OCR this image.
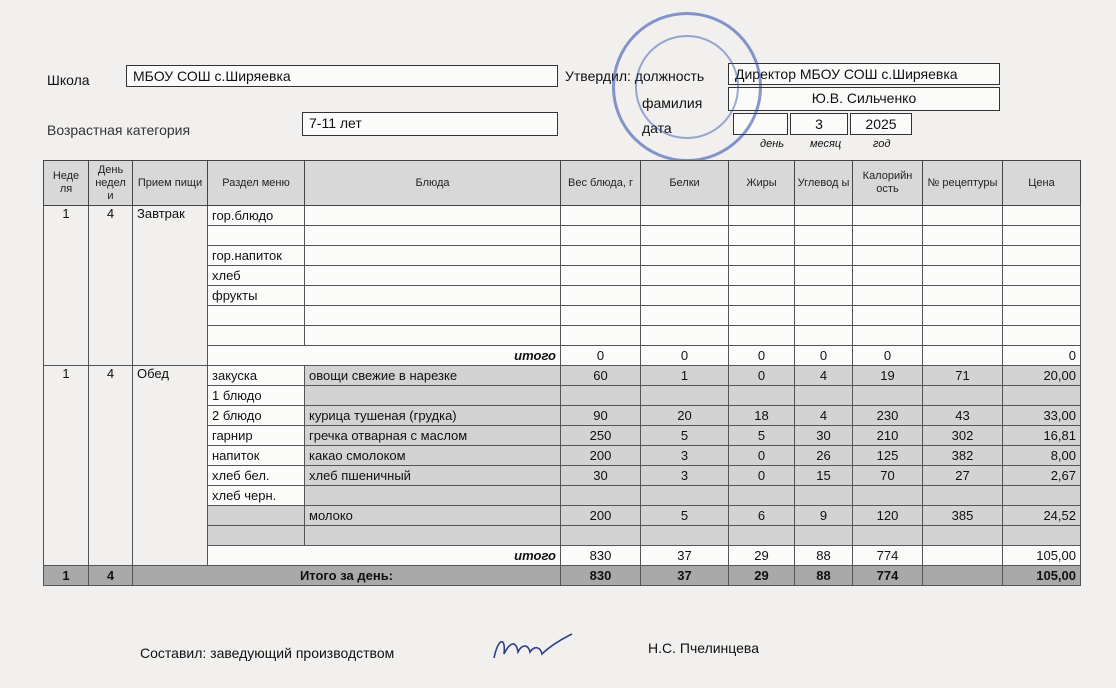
Школа	МБОУ СОШ с.Ширяевка	Утвердил: должность	Директор МБОУ СОШ с.Ширяевка
фамилия	Ю.В. Сильченко
Возрастная категория	7-11 лет	дата	3	2025
день месяц	год
Неде ля	День недел и	Прием пищи	Раздел меню	Блюда	Вес блюда, г	Белки	Жиры	Углевод ы	Калорийн ость	№ рецептуры	Цена
1	4	Завтрак	гор.блюдо								

			гор.напиток								
			хлеб								
			фрукты								

			итого		0	0	0	0	0		0
1	4	Обед	закуска	овощи свежие в нарезке	60	1	0	4	19	71	20,00
			1 блюдо								
			2 блюдо	курица тушеная (грудка)	90	20	18	4	230	43	33,00
			гарнир	гречка отварная с маслом	250	5	5	30	210	302	16,81
			напиток	какао смолоком	200	3	0	26	125	382	8,00
			хлеб бел.	хлеб пшеничный	30	3	0	15	70	27	2,67
			хлеб черн.								
				молоко	200	5	6	9	120	385	24,52

			итого		830	37	29	88	774		105,00
1	4	Итого за день:			830	37	29	88	774		105,00
Составил: заведующий производством	Н.С. Пчелинцева
